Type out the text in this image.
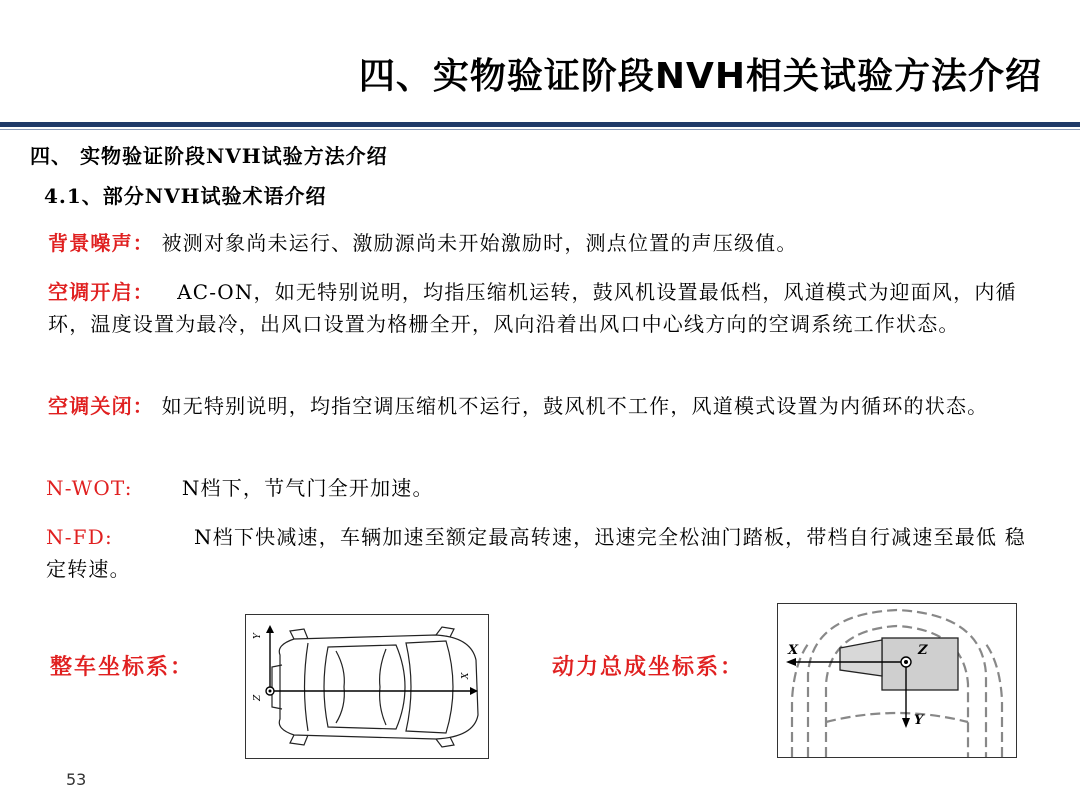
四、实物验证阶段NVH相关试验方法介绍
四、 实物验证阶段NVH试验方法介绍
4.1、部分NVH试验术语介绍
背景噪声： 被测对象尚未运行、激励源尚未开始激励时，测点位置的声压级值。
空调开启： AC-ON，如无特别说明，均指压缩机运转，鼓风机设置最低档，风道模式为迎面风，内循环，温度设置为最冷，出风口设置为格栅全开，风向沿着出风口中心线方向的空调系统工作状态。
空调关闭： 如无特别说明，均指空调压缩机不运行，鼓风机不工作，风道模式设置为内循环的状态。
N-WOT: N档下，节气门全开加速。
N-FD:	N档下快减速，车辆加速至额定最高转速，迅速完全松油门踏板，带档自行减速至最低 稳定转速。
整车坐标系：
Y
Z
X	动力总成坐标系：
X	Z
Y
53
